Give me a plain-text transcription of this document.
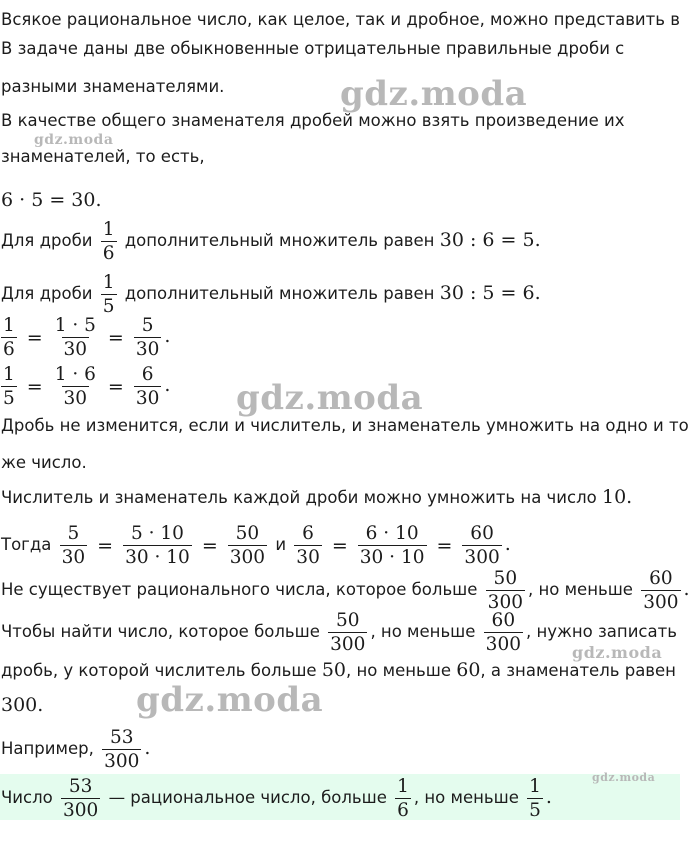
Всякое рациональное число, как целое, так и дробное, можно представить в
В задаче даны две обыкновенные отрицательные правильные дроби с
разными знаменателями.
В качестве общего знаменателя дробей можно взять произведение их
знаменателей, то есть,
6 · 5 = 30.
Для дроби $\frac{1}{6}$ дополнительный множитель равен 30 : 6 = 5.
Для дроби $\frac{1}{5}$ дополнительный множитель равен 30 : 5 = 6.
$\frac{1}{6} = \frac{1 \cdot 5}{30} = \frac{5}{30}$ .
$\frac{1}{5} = \frac{1 \cdot 6}{30} = \frac{6}{30}$ .
Дробь не изменится, если и числитель, и знаменатель умножить на одно и то
же число.
Числитель и знаменатель каждой дроби можно умножить на число 10.
Тогда $\frac{5}{30} = \frac{5 \cdot 10}{30 \cdot 10} = \frac{50}{300}$ и $\frac{6}{30} = \frac{6 \cdot 10}{30 \cdot 10} = \frac{60}{300}$ .
Не существует рационального числа, которое больше $\frac{50}{300}$ , но меньше $\frac{60}{300}$ .
Чтобы найти число, которое больше $\frac{50}{300}$ , но меньше $\frac{60}{300}$ , нужно записать
дробь, у которой числитель больше 50, но меньше 60, а знаменатель равен
300.
Например, $\frac{53}{300}$ .
Число $\frac{53}{300}$ — рациональное число, больше $\frac{1}{6}$ , но меньше $\frac{1}{5}$ .
gdz.moda
gdz.moda
gdz.moda
gdz.moda
gdz.moda
gdz.moda
